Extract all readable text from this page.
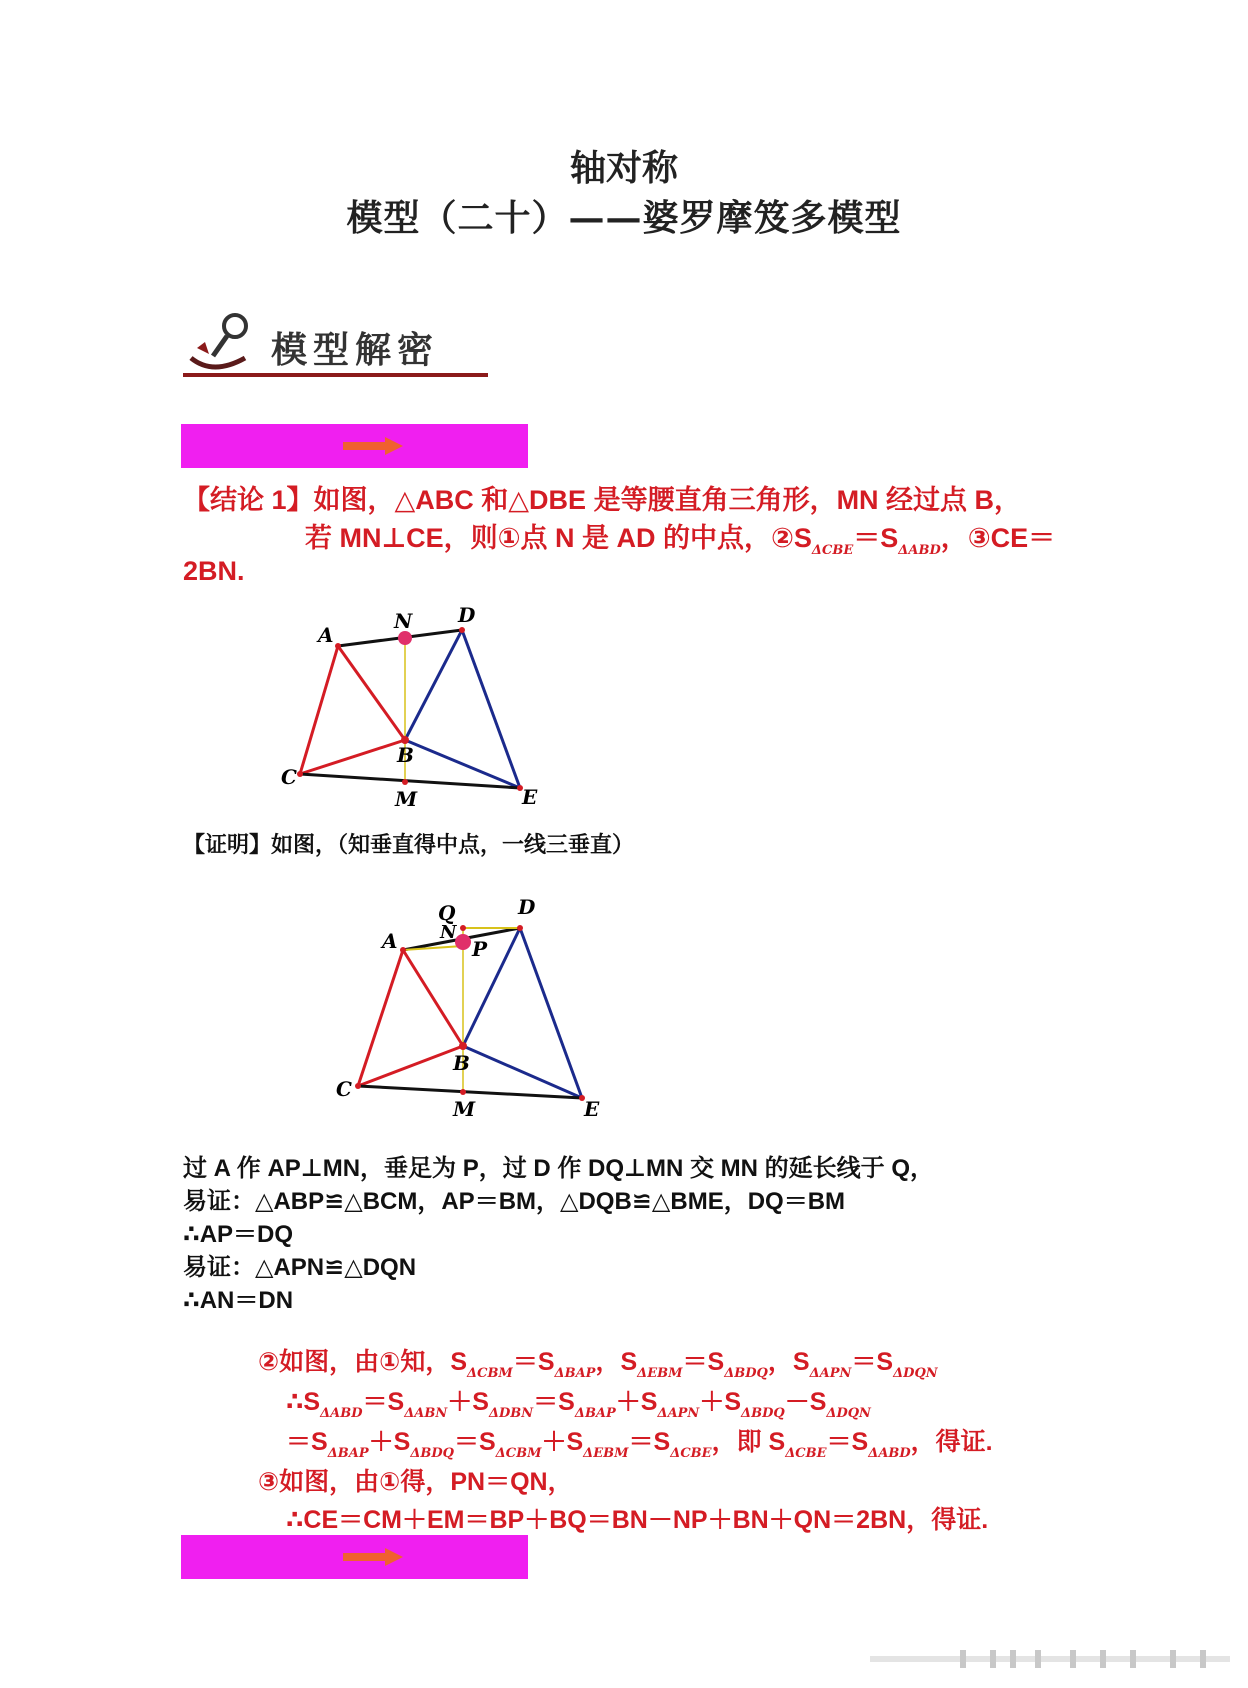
轴对称
模型（二十）——婆罗摩笈多模型
模型解密
【结论 1】如图，△ABC 和△DBE 是等腰直角三角形，MN 经过点 B，
若 MN⊥CE，则①点 N 是 AD 的中点，$②S_{\Delta CBE}=S_{\Delta ABD}$，③CE＝
2BN.
A
N D
B
C
M	E
【证明】如图，（知垂直得中点，一线三垂直）
Q
N
D
A	P
B
C
M	E
过 A 作 AP⊥MN，垂足为 P，过 D 作 DQ⊥MN 交 MN 的延长线于 Q，
易证：△ABP≌△BCM，AP＝BM，△DQB≌△BME，DQ＝BM
∴AP＝DQ
易证：△APN≌△DQN
∴AN＝DN
②如图，由①知，$S_{\Delta CBM}=S_{\Delta BAP}$，$S_{\Delta EBM}=S_{\Delta BDQ}$，$S_{\Delta APN}=S_{\Delta DQN}$
$\therefore S_{\Delta ABD}=S_{\Delta ABN}+S_{\Delta DBN}=S_{\Delta BAP}+S_{\Delta APN}+S_{\Delta BDQ}-S_{\Delta DQN}$
$=S_{\Delta BAP}+S_{\Delta BDQ}=S_{\Delta CBM}+S_{\Delta EBM}=S_{\Delta CBE}$，即 $S_{\Delta CBE}=S_{\Delta ABD}$，得证.
③如图，由①得，PN＝QN，
∴CE＝CM＋EM＝BP＋BQ＝BN－NP＋BN＋QN＝2BN，得证.
